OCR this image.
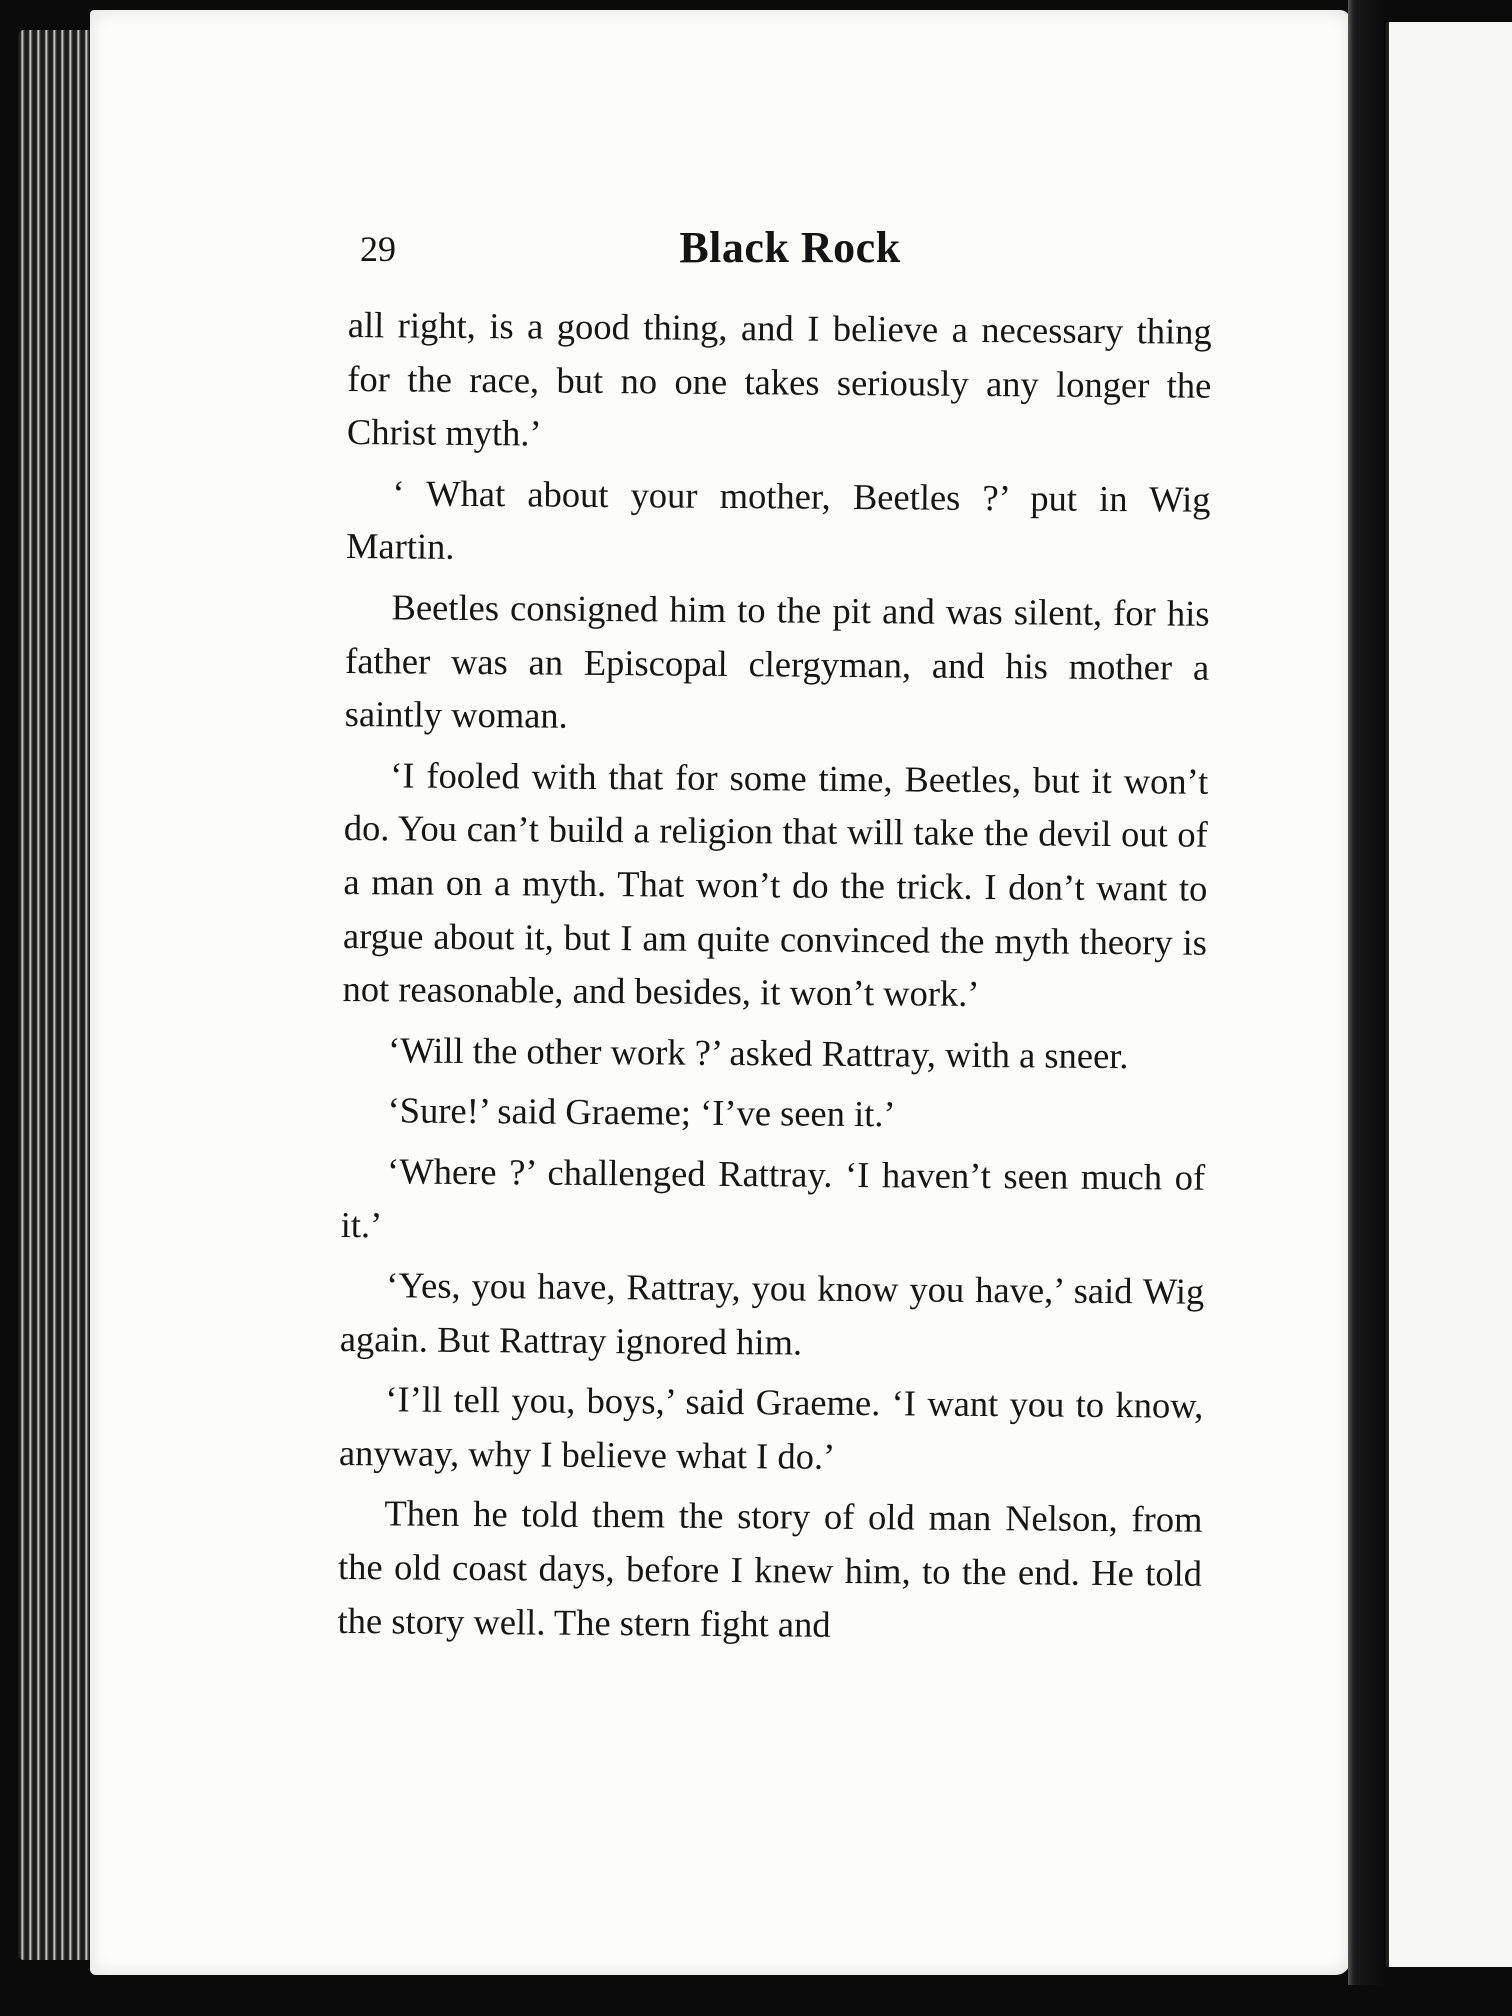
29	Black Rock

all right, is a good thing, and I believe a necessary thing for the race, but no one takes seriously any longer the Christ myth.’

‘ What about your mother, Beetles ?’ put in Wig Martin.

Beetles consigned him to the pit and was silent, for his father was an Episcopal clergyman, and his mother a saintly woman.

‘I fooled with that for some time, Beetles, but it won’t do. You can’t build a religion that will take the devil out of a man on a myth. That won’t do the trick. I don’t want to argue about it, but I am quite convinced the myth theory is not reasonable, and besides, it won’t work.’

‘Will the other work ?’ asked Rattray, with a sneer.

‘Sure!’ said Graeme; ‘I’ve seen it.’

‘Where ?’ challenged Rattray. ‘I haven’t seen much of it.’

‘Yes, you have, Rattray, you know you have,’ said Wig again. But Rattray ignored him.

‘I’ll tell you, boys,’ said Graeme. ‘I want you to know, anyway, why I believe what I do.’

Then he told them the story of old man Nelson, from the old coast days, before I knew him, to the end. He told the story well. The stern fight and
